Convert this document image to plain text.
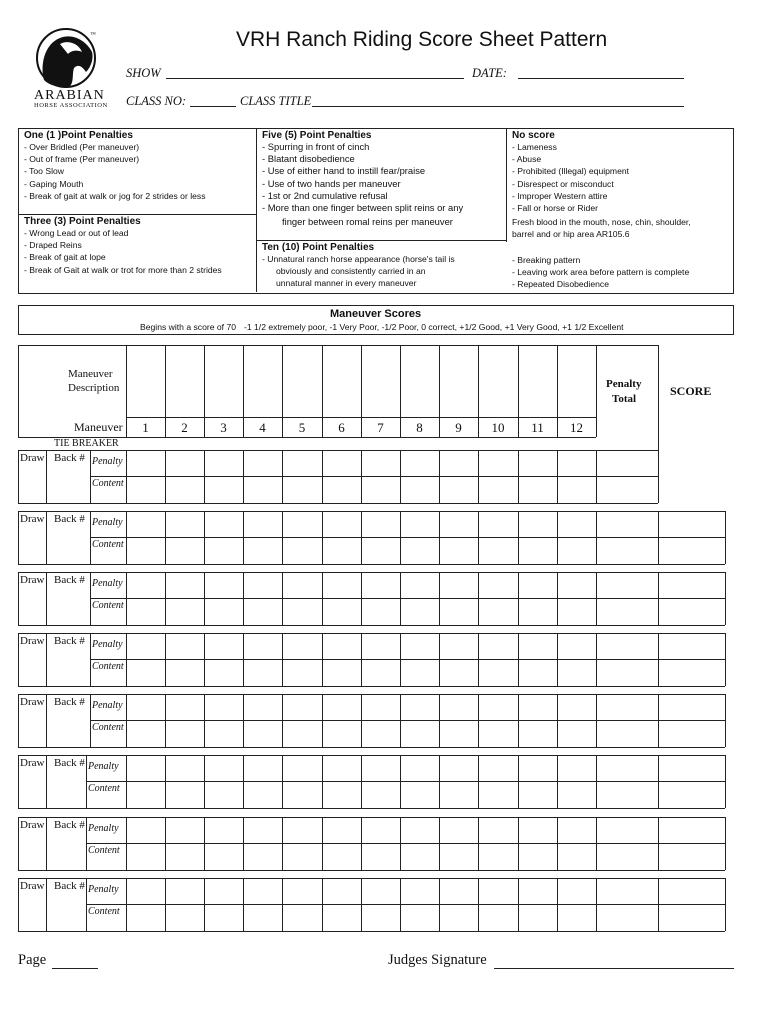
VRH Ranch Riding Score Sheet Pattern
™
ARABIAN
HORSE ASSOCIATION
SHOW	DATE:
CLASS NO:	CLASS TITLE
One (1 )Point Penalties
- Over Bridled (Per maneuver)
- Out of frame (Per maneuver)
- Too Slow
- Gaping Mouth
- Break of gait at walk or jog for 2 strides or less
Three (3) Point Penalties
- Wrong Lead or out of lead
- Draped Reins
- Break of gait at lope
- Break of Gait at walk or trot for more than 2 strides
Five (5) Point Penalties
- Spurring in front of cinch
- Blatant disobedience
- Use of either hand to instill fear/praise
- Use of two hands per maneuver
- 1st or 2nd cumulative refusal
- More than one finger between split reins or any
finger between romal reins per maneuver
Ten (10) Point Penalties
- Unnatural ranch horse appearance (horse's tail is
obviously and consistently carried in an
unnatural manner in every maneuver
No score
- Lameness
- Abuse
- Prohibited (Illegal) equipment
- Disrespect or misconduct
- Improper Western attire
- Fall or horse or Rider
Fresh blood in the mouth, nose, chin, shoulder,
barrel and or hip area AR105.6
- Breaking pattern
- Leaving work area before pattern is complete
- Repeated Disobedience
Maneuver Scores
Begins with a score of 70 -1 1/2 extremely poor, -1 Very Poor, -1/2 Poor, 0 correct, +1/2 Good, +1 Very Good, +1 1/2 Excellent
Maneuver
Description
Maneuver	1	2	3	4	5	6	7	8	9	10	11	12
Penalty
Total
SCORE
TIE BREAKER
Draw Back # Penalty
Content
Draw Back # Penalty
Content
Draw Back # Penalty
Content
Draw Back # Penalty
Content
Draw Back # Penalty
Content
Draw Back # Penalty
Content
Draw Back # Penalty
Content
Draw Back # Penalty
Content
Page	Judges Signature
